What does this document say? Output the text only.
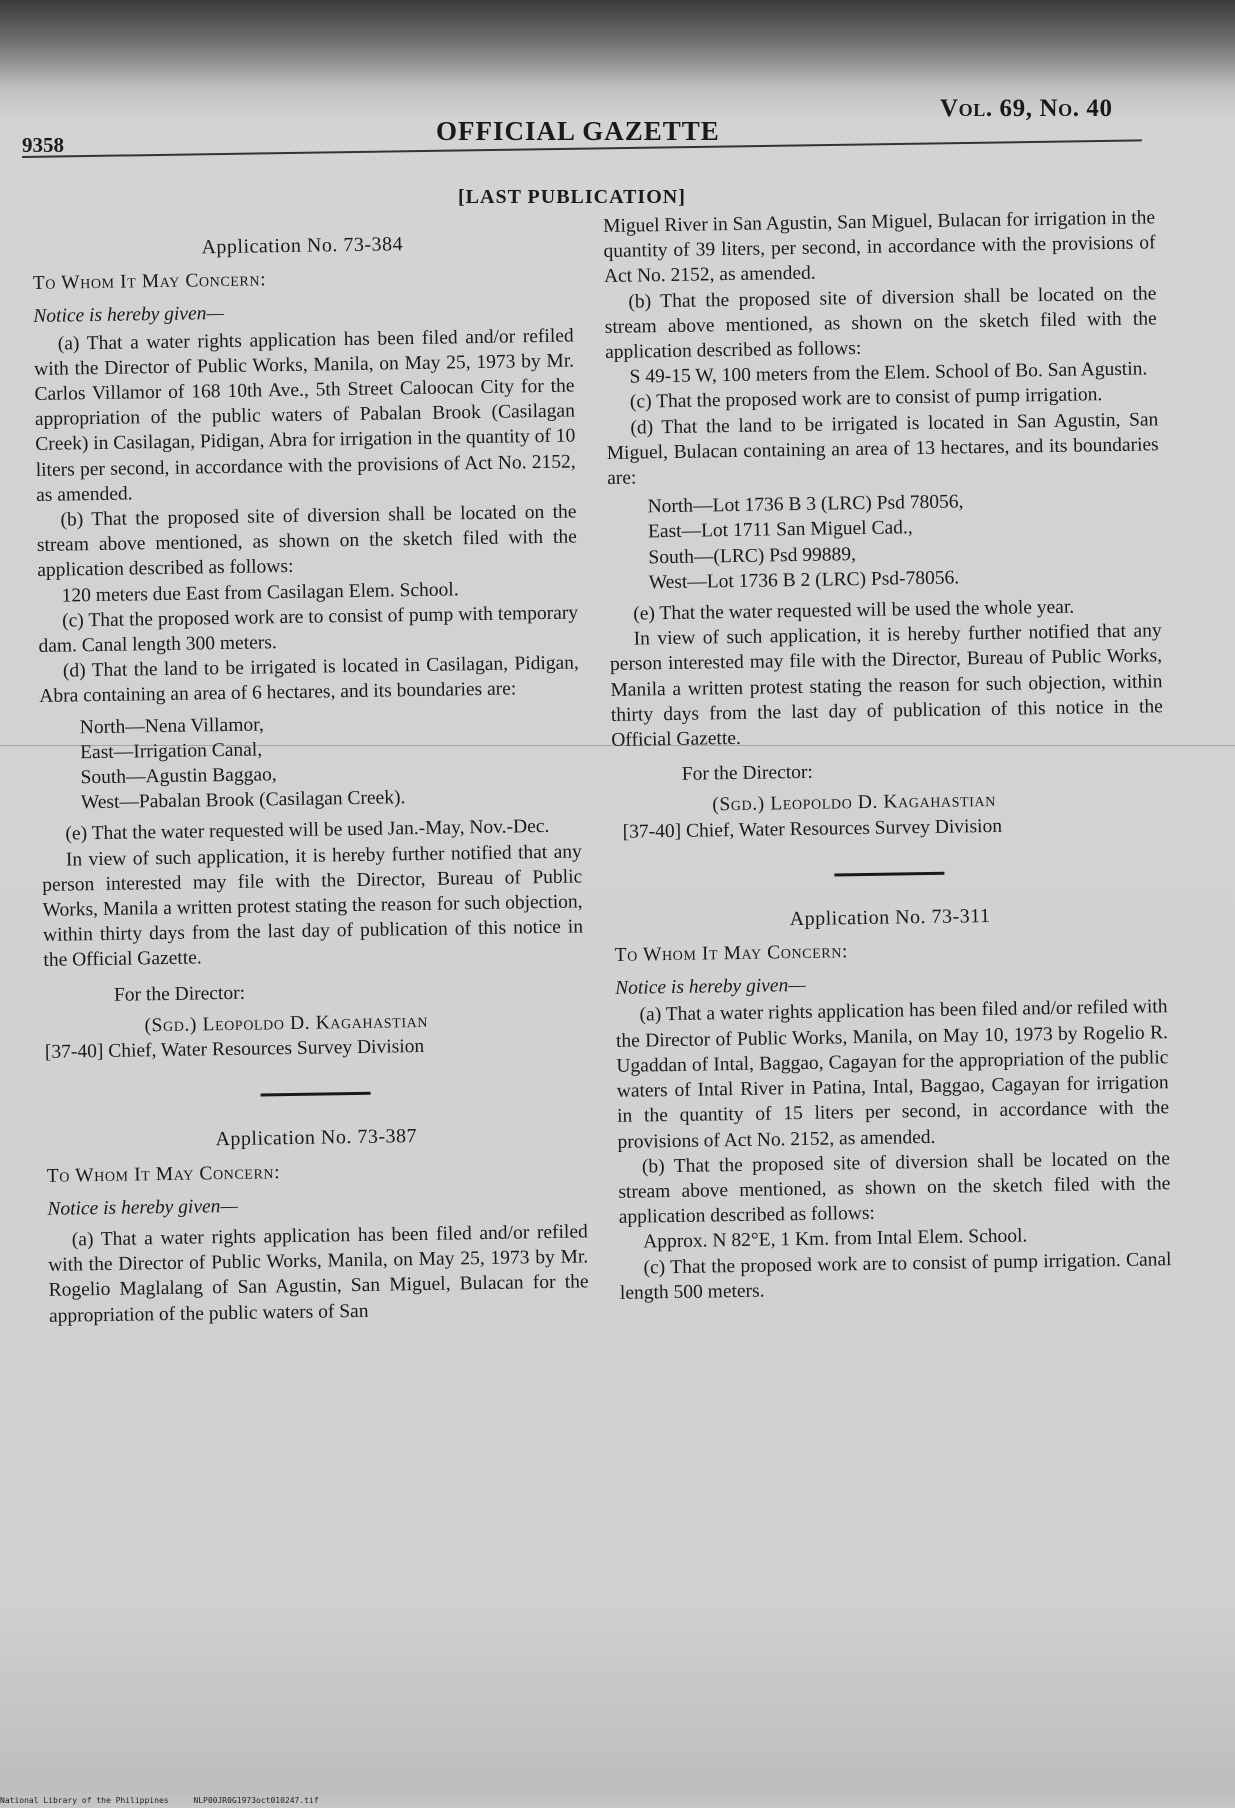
9358	OFFICIAL GAZETTE
Vol. 69, No. 40
[LAST PUBLICATION]

Application No. 73-384

To Whom It May Concern:

Notice is hereby given—

(a) That a water rights application has been filed and/or refiled with the Director of Public Works, Manila, on May 25, 1973 by Mr. Carlos Villamor of 168 10th Ave., 5th Street Caloocan City for the appropriation of the public waters of Pabalan Brook (Casilagan Creek) in Casilagan, Pidigan, Abra for irrigation in the quantity of 10 liters per second, in accordance with the provisions of Act No. 2152, as amended.

(b) That the proposed site of diversion shall be located on the stream above mentioned, as shown on the sketch filed with the application described as follows:

120 meters due East from Casilagan Elem. School.

(c) That the proposed work are to consist of pump with temporary dam. Canal length 300 meters.

(d) That the land to be irrigated is located in Casilagan, Pidigan, Abra containing an area of 6 hectares, and its boundaries are:

North—Nena Villamor,

East—Irrigation Canal,

South—Agustin Baggao,

West—Pabalan Brook (Casilagan Creek).

(e) That the water requested will be used Jan.-May, Nov.-Dec.

In view of such application, it is hereby further notified that any person interested may file with the Director, Bureau of Public Works, Manila a written protest stating the reason for such objection, within thirty days from the last day of publication of this notice in the Official Gazette.

For the Director:

(Sgd.) Leopoldo D. Kagahastian

[37-40] Chief, Water Resources Survey Division

Application No. 73-387

To Whom It May Concern:

Notice is hereby given—

(a) That a water rights application has been filed and/or refiled with the Director of Public Works, Manila, on May 25, 1973 by Mr. Rogelio Maglalang of San Agustin, San Miguel, Bulacan for the appropriation of the public waters of San

Miguel River in San Agustin, San Miguel, Bulacan for irrigation in the quantity of 39 liters, per second, in accordance with the provisions of Act No. 2152, as amended.

(b) That the proposed site of diversion shall be located on the stream above mentioned, as shown on the sketch filed with the application described as follows:

S 49-15 W, 100 meters from the Elem. School of Bo. San Agustin.

(c) That the proposed work are to consist of pump irrigation.

(d) That the land to be irrigated is located in San Agustin, San Miguel, Bulacan containing an area of 13 hectares, and its boundaries are:

North—Lot 1736 B 3 (LRC) Psd 78056,

East—Lot 1711 San Miguel Cad.,

South—(LRC) Psd 99889,

West—Lot 1736 B 2 (LRC) Psd-78056.

(e) That the water requested will be used the whole year.

In view of such application, it is hereby further notified that any person interested may file with the Director, Bureau of Public Works, Manila a written protest stating the reason for such objection, within thirty days from the last day of publication of this notice in the Official Gazette.

For the Director:

(Sgd.) Leopoldo D. Kagahastian

[37-40] Chief, Water Resources Survey Division

Application No. 73-311

To Whom It May Concern:

Notice is hereby given—

(a) That a water rights application has been filed and/or refiled with the Director of Public Works, Manila, on May 10, 1973 by Rogelio R. Ugaddan of Intal, Baggao, Cagayan for the appropriation of the public waters of Intal River in Patina, Intal, Baggao, Cagayan for irrigation in the quantity of 15 liters per second, in accordance with the provisions of Act No. 2152, as amended.

(b) That the proposed site of diversion shall be located on the stream above mentioned, as shown on the sketch filed with the application described as follows:

Approx. N 82°E, 1 Km. from Intal Elem. School.

(c) That the proposed work are to consist of pump irrigation. Canal length 500 meters.

National Library of the Philippines	NLP00JR0G1973oct010247.tif
